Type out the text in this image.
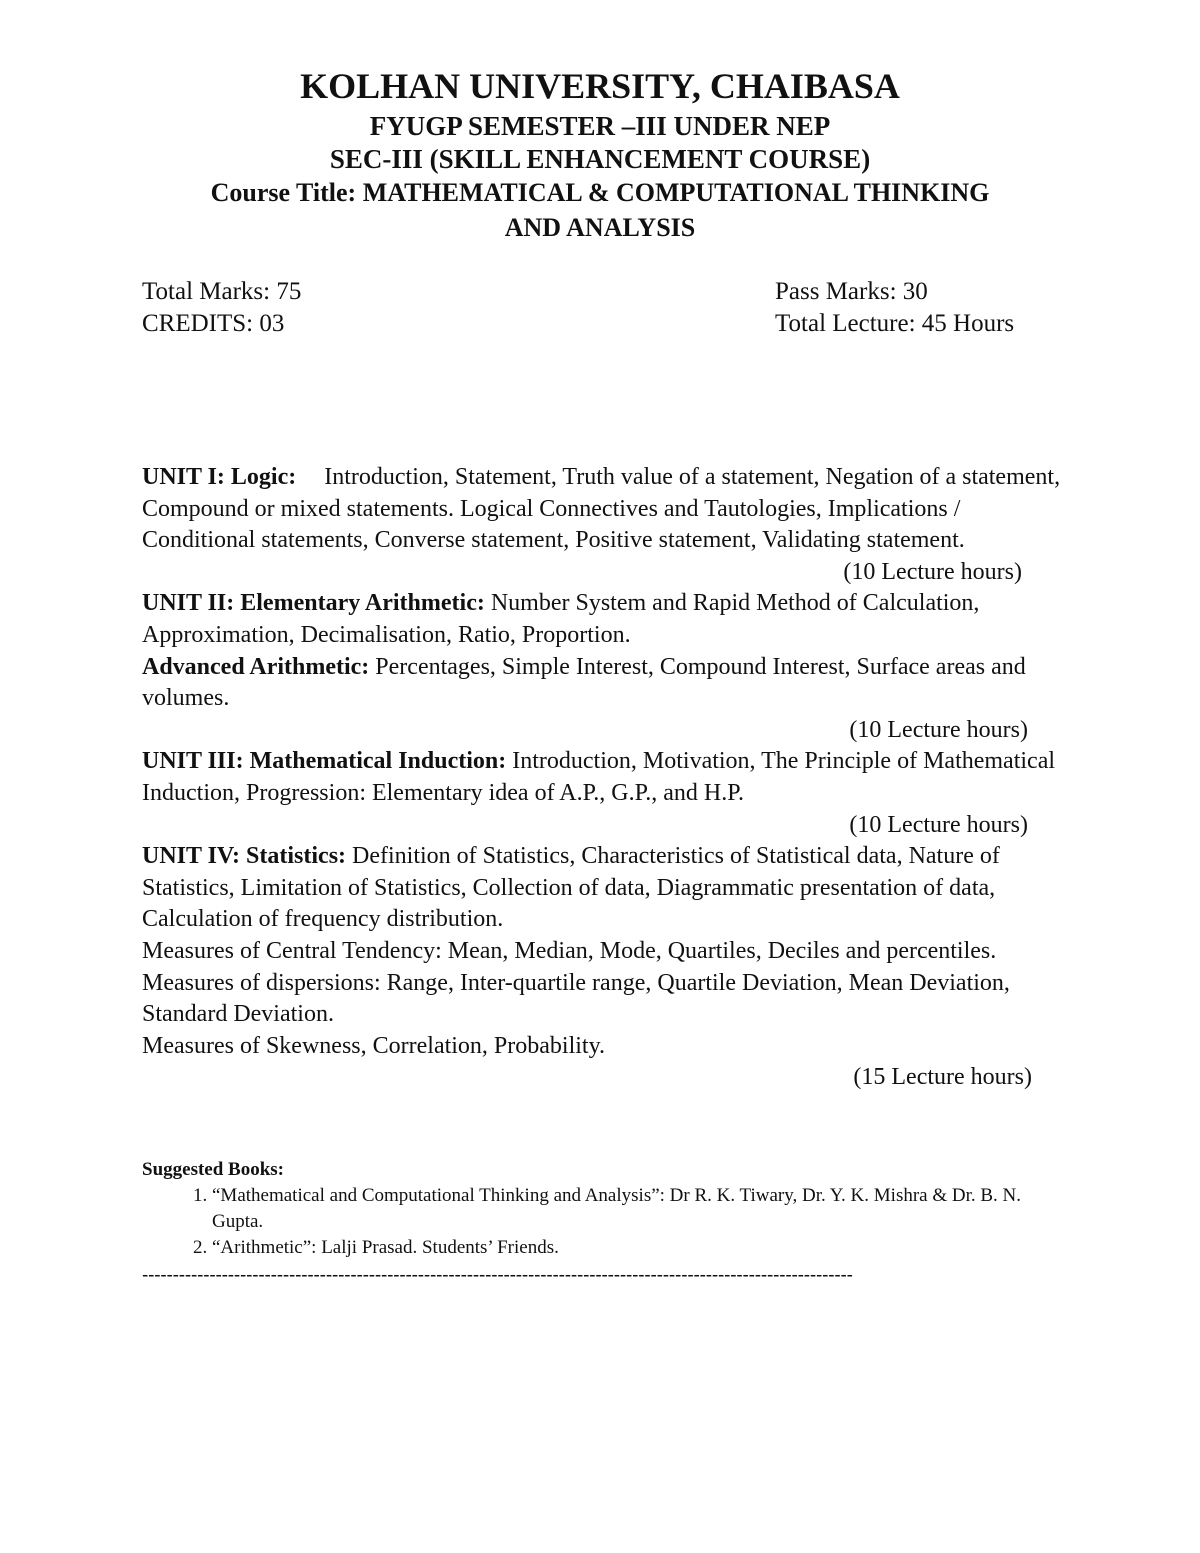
KOLHAN UNIVERSITY, CHAIBASA
FYUGP SEMESTER –III UNDER NEP
SEC-III (SKILL ENHANCEMENT COURSE)
Course Title: MATHEMATICAL & COMPUTATIONAL THINKING
AND ANALYSIS
Total Marks: 75	Pass Marks: 30
CREDITS: 03	Total Lecture: 45 Hours

UNIT I: Logic: Introduction, Statement, Truth value of a statement, Negation of a statement, Compound or mixed statements. Logical Connectives and Tautologies, Implications / Conditional statements, Converse statement, Positive statement, Validating statement.

(10 Lecture hours)

UNIT II: Elementary Arithmetic: Number System and Rapid Method of Calculation, Approximation, Decimalisation, Ratio, Proportion.

Advanced Arithmetic: Percentages, Simple Interest, Compound Interest, Surface areas and volumes.

(10 Lecture hours)

UNIT III: Mathematical Induction: Introduction, Motivation, The Principle of Mathematical Induction, Progression: Elementary idea of A.P., G.P., and H.P.

(10 Lecture hours)

UNIT IV: Statistics: Definition of Statistics, Characteristics of Statistical data, Nature of Statistics, Limitation of Statistics, Collection of data, Diagrammatic presentation of data, Calculation of frequency distribution.

Measures of Central Tendency: Mean, Median, Mode, Quartiles, Deciles and percentiles.

Measures of dispersions: Range, Inter-quartile range, Quartile Deviation, Mean Deviation, Standard Deviation.

Measures of Skewness, Correlation, Probability.

(15 Lecture hours)

Suggested Books:
1. “Mathematical and Computational Thinking and Analysis”: Dr R. K. Tiwary, Dr. Y. K. Mishra & Dr. B. N. Gupta.
2. “Arithmetic”: Lalji Prasad. Students’ Friends.
--------------------------------------------------------------------------------------------------------------------
